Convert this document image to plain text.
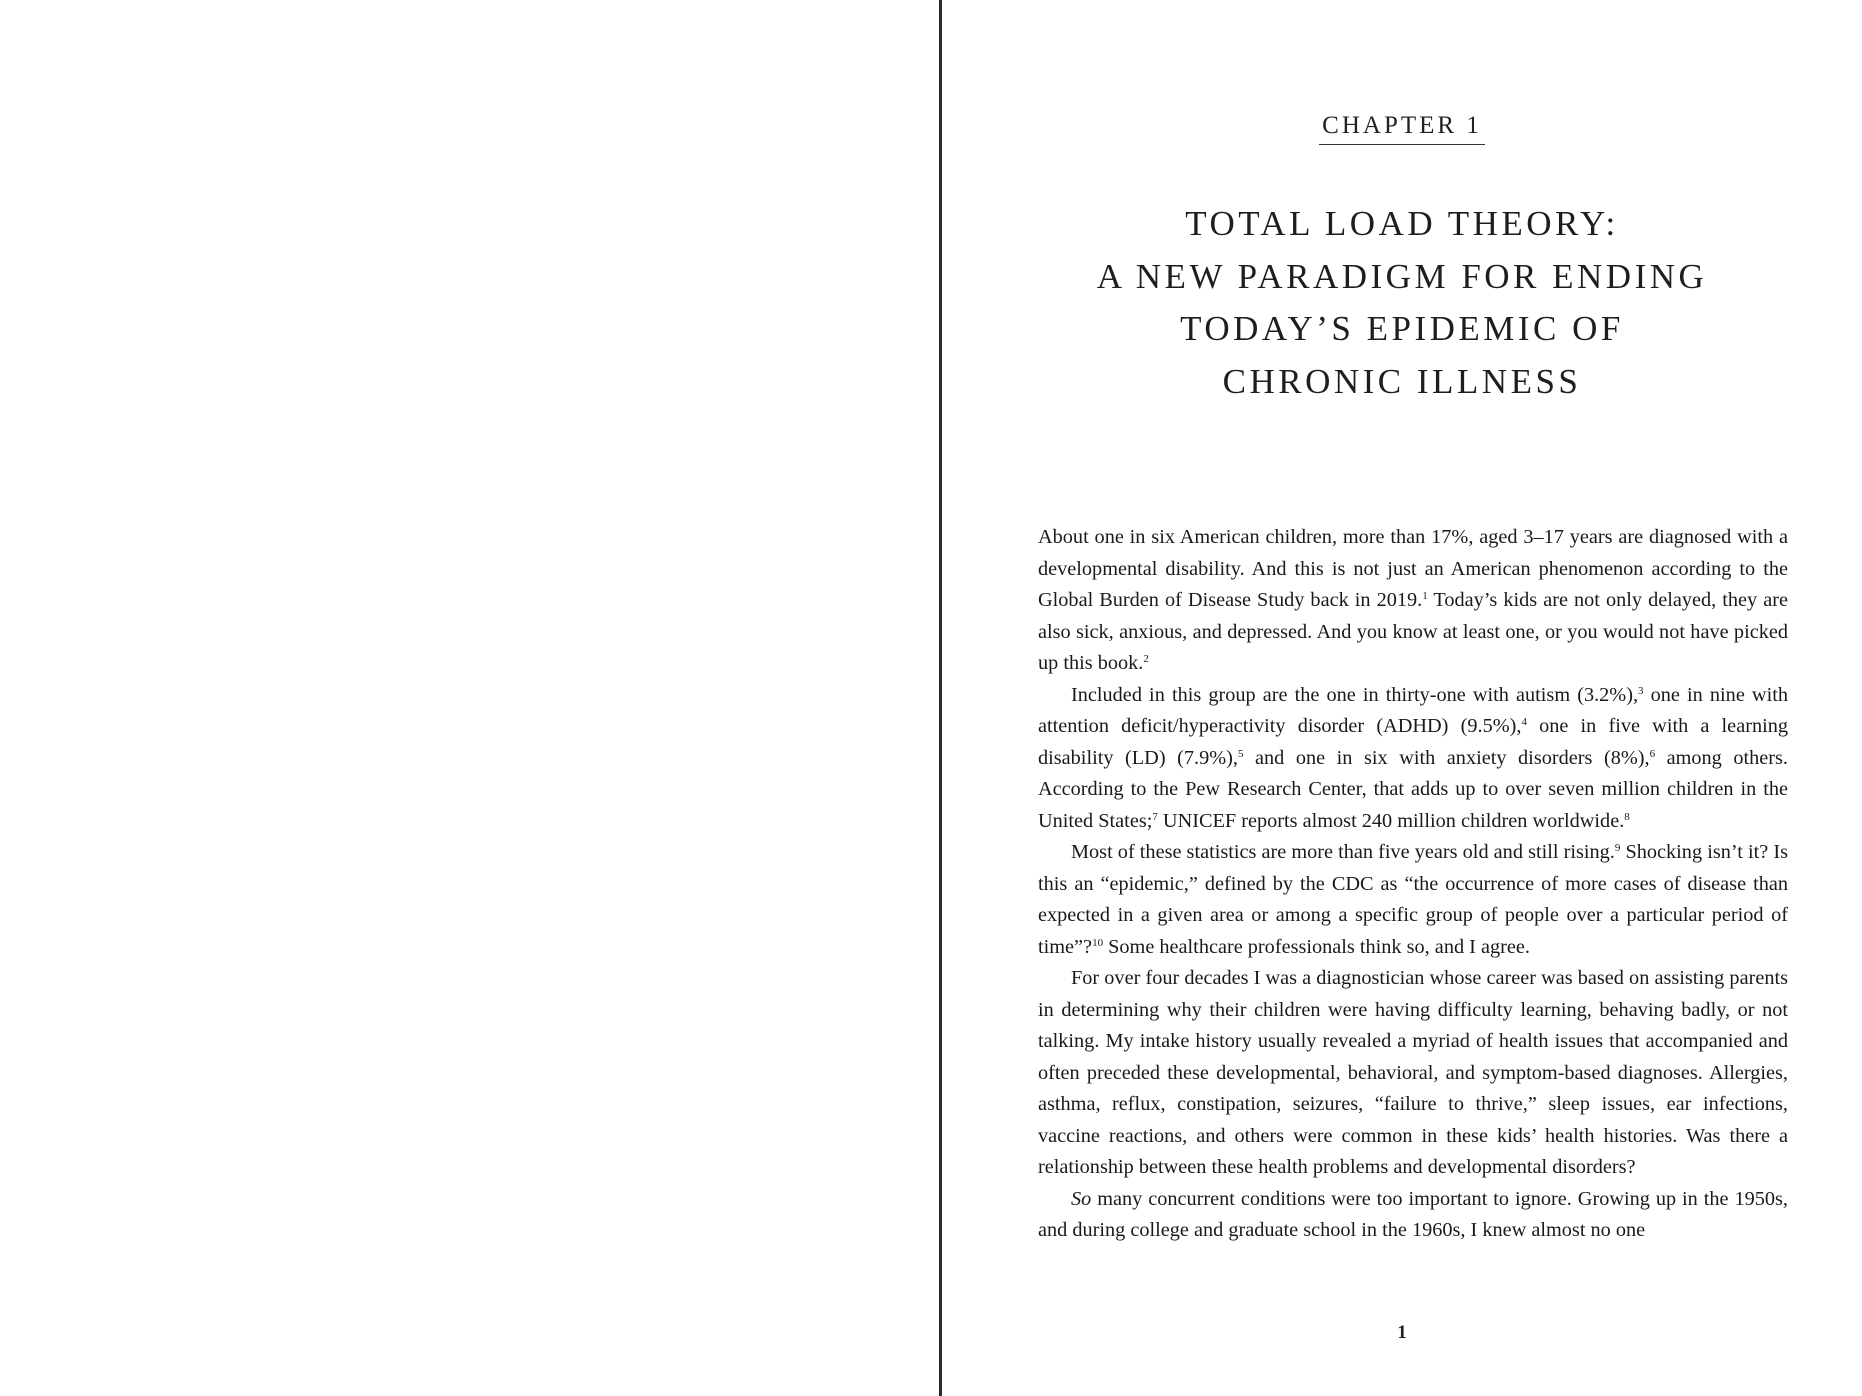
CHAPTER 1
TOTAL LOAD THEORY:
A NEW PARADIGM FOR ENDING
TODAY’S EPIDEMIC OF
CHRONIC ILLNESS

About one in six American children, more than 17%, aged 3–17 years are diagnosed with a developmental disability. And this is not just an American phenomenon according to the Global Burden of Disease Study back in 2019.$^1$ Today’s kids are not only delayed, they are also sick, anxious, and depressed. And you know at least one, or you would not have picked up this book.$^2$

Included in this group are the one in thirty-one with autism (3.2%),$^3$ one in nine with attention deficit/hyperactivity disorder (ADHD) (9.5%),$^4$ one in five with a learning disability (LD) (7.9%),$^5$ and one in six with anxiety disorders (8%),$^6$ among others. According to the Pew Research Center, that adds up to over seven million children in the United States;$^7$ UNICEF reports almost 240 million children worldwide.$^8$

Most of these statistics are more than five years old and still rising.$^9$ Shocking isn’t it? Is this an “epidemic,” defined by the CDC as “the occurrence of more cases of disease than expected in a given area or among a specific group of people over a particular period of time”?$^{10}$ Some healthcare professionals think so, and I agree.

For over four decades I was a diagnostician whose career was based on assisting parents in determining why their children were having difficulty learning, behaving badly, or not talking. My intake history usually revealed a myriad of health issues that accompanied and often preceded these developmental, behavioral, and symptom-based diagnoses. Allergies, asthma, reflux, constipation, seizures, “failure to thrive,” sleep issues, ear infections, vaccine reactions, and others were common in these kids’ health histories. Was there a relationship between these health problems and developmental disorders?

So many concurrent conditions were too important to ignore. Growing up in the 1950s, and during college and graduate school in the 1960s, I knew almost no one

1
